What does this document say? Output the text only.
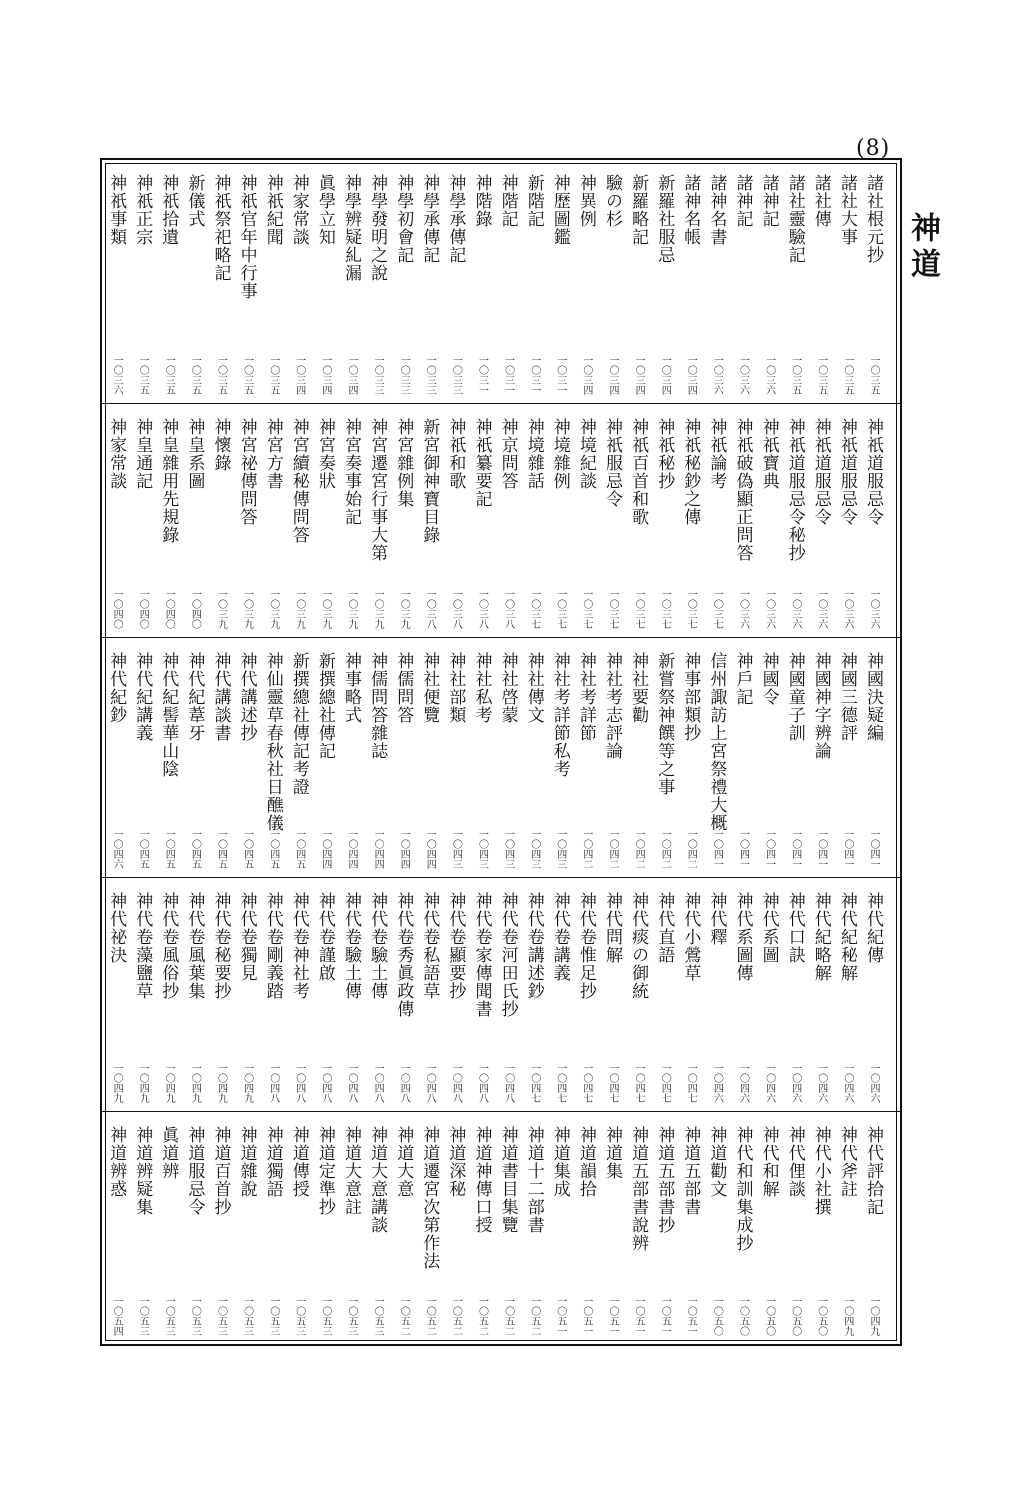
(8)
神道
諸社根元抄
一〇三五
諸社大事
一〇三五
諸社傳
一〇三五
諸社靈驗記
一〇三五
諸神記
一〇三六
諸神記
一〇三六
諸神名書
一〇三六
諸神名帳
一〇三四
新羅社服忌
一〇三四
新羅略記
一〇三四
驗の杉
一〇三四
神異例
一〇三四
神歷圖鑑
一〇三一
新階記
一〇三一
神階記
一〇三一
神階錄
一〇三一
神學承傳記
一〇三三
神學承傳記
一〇三三
神學初會記
一〇三三
神學發明之說
一〇三三
神學辨疑糺漏
一〇三四
眞學立知
一〇三四
神家常談
一〇三四
神祇紀聞
一〇三五
神祇官年中行事
一〇三五
神祇祭祀略記
一〇三五
新儀式
一〇三五
神祇拾遺
一〇三五
神祇正宗
一〇三五
神祇事類
一〇三六
神祇道服忌令
一〇三六
神祇道服忌令
一〇三六
神祇道服忌令
一〇三六
神祇道服忌令秘抄
一〇三六
神祇寶典
一〇三六
神祇破偽顯正問答
一〇三六
神祇論考
一〇三七
神祇秘鈔之傳
一〇三七
神祇秘抄
一〇三七
神祇百首和歌
一〇三七
神祇服忌令
一〇三七
神境紀談
一〇三七
神境雜例
一〇三七
神境雜話
一〇三七
神京問答
一〇三八
神祇纂要記
一〇三八
神祇和歌
一〇三八
新宮御神寶目錄
一〇三八
神宮雜例集
一〇三九
神宮遷宮行事大第
一〇三九
神宮奏事始記
一〇三九
神宮奏狀
一〇三九
神宮續秘傳問答
一〇三九
神宮方書
一〇三九
神宮祕傳問答
一〇三九
神懷錄
一〇三九
神皇系圖
一〇四〇
神皇雜用先規錄
一〇四〇
神皇通記
一〇四〇
神家常談
一〇四〇
神國決疑編
一〇四一
神國三德評
一〇四一
神國神字辨論
一〇四一
神國童子訓
一〇四一
神國令
一〇四一
神戶記
一〇四一
信州諏訪上宮祭禮大概
一〇四一
神事部類抄
一〇四二
新嘗祭神饌等之事
一〇四二
神社要勸
一〇四二
神社考志評論
一〇四二
神社考詳節
一〇四二
神社考詳節私考
一〇四三
神社傳文
一〇四三
神社啓蒙
一〇四三
神社私考
一〇四三
神社部類
一〇四三
神社便覽
一〇四四
神儒問答
一〇四四
神儒問答雜誌
一〇四四
神事略式
一〇四四
新撰總社傳記
一〇四四
新撰總社傳記考證
一〇四五
神仙靈草春秋社日醮儀
一〇四五
神代講述抄
一〇四五
神代講談書
一〇四五
神代紀葦牙
一〇四五
神代紀髻華山陰
一〇四五
神代紀講義
一〇四五
神代紀鈔
一〇四六
神代紀傳
一〇四六
神代紀秘解
一〇四六
神代紀略解
一〇四六
神代口訣
一〇四六
神代系圖
一〇四六
神代系圖傳
一〇四六
神代釋
一〇四六
神代小鶯草
一〇四七
神代直語
一〇四七
神代痰の御統
一〇四七
神代問解
一〇四七
神代卷惟足抄
一〇四七
神代卷講義
一〇四七
神代卷講述鈔
一〇四七
神代卷河田氏抄
一〇四八
神代卷家傳聞書
一〇四八
神代卷顯要抄
一〇四八
神代卷私語草
一〇四八
神代卷秀眞政傳
一〇四八
神代卷驗土傳
一〇四八
神代卷驗土傳
一〇四八
神代卷謹啟
一〇四八
神代卷神社考
一〇四八
神代卷剛義踏
一〇四八
神代卷獨見
一〇四九
神代卷秘要抄
一〇四九
神代卷風葉集
一〇四九
神代卷風俗抄
一〇四九
神代卷藻鹽草
一〇四九
神代祕決
一〇四九
神代評拾記
一〇四九
神代斧註
一〇四九
神代小社撰
一〇五〇
神代俚談
一〇五〇
神代和解
一〇五〇
神代和訓集成抄
一〇五〇
神道勸文
一〇五〇
神道五部書
一〇五一
神道五部書抄
一〇五一
神道五部書說辨
一〇五一
神道集
一〇五一
神道韻拾
一〇五一
神道集成
一〇五一
神道十二部書
一〇五二
神道書目集覽
一〇五二
神道神傳口授
一〇五二
神道深秘
一〇五二
神道遷宮次第作法
一〇五二
神道大意
一〇五二
神道大意講談
一〇五三
神道大意註
一〇五三
神道定準抄
一〇五三
神道傳授
一〇五三
神道獨語
一〇五三
神道雜說
一〇五三
神道百首抄
一〇五三
神道服忌令
一〇五三
眞道辨
一〇五三
神道辨疑集
一〇五三
神道辨惑
一〇五四
